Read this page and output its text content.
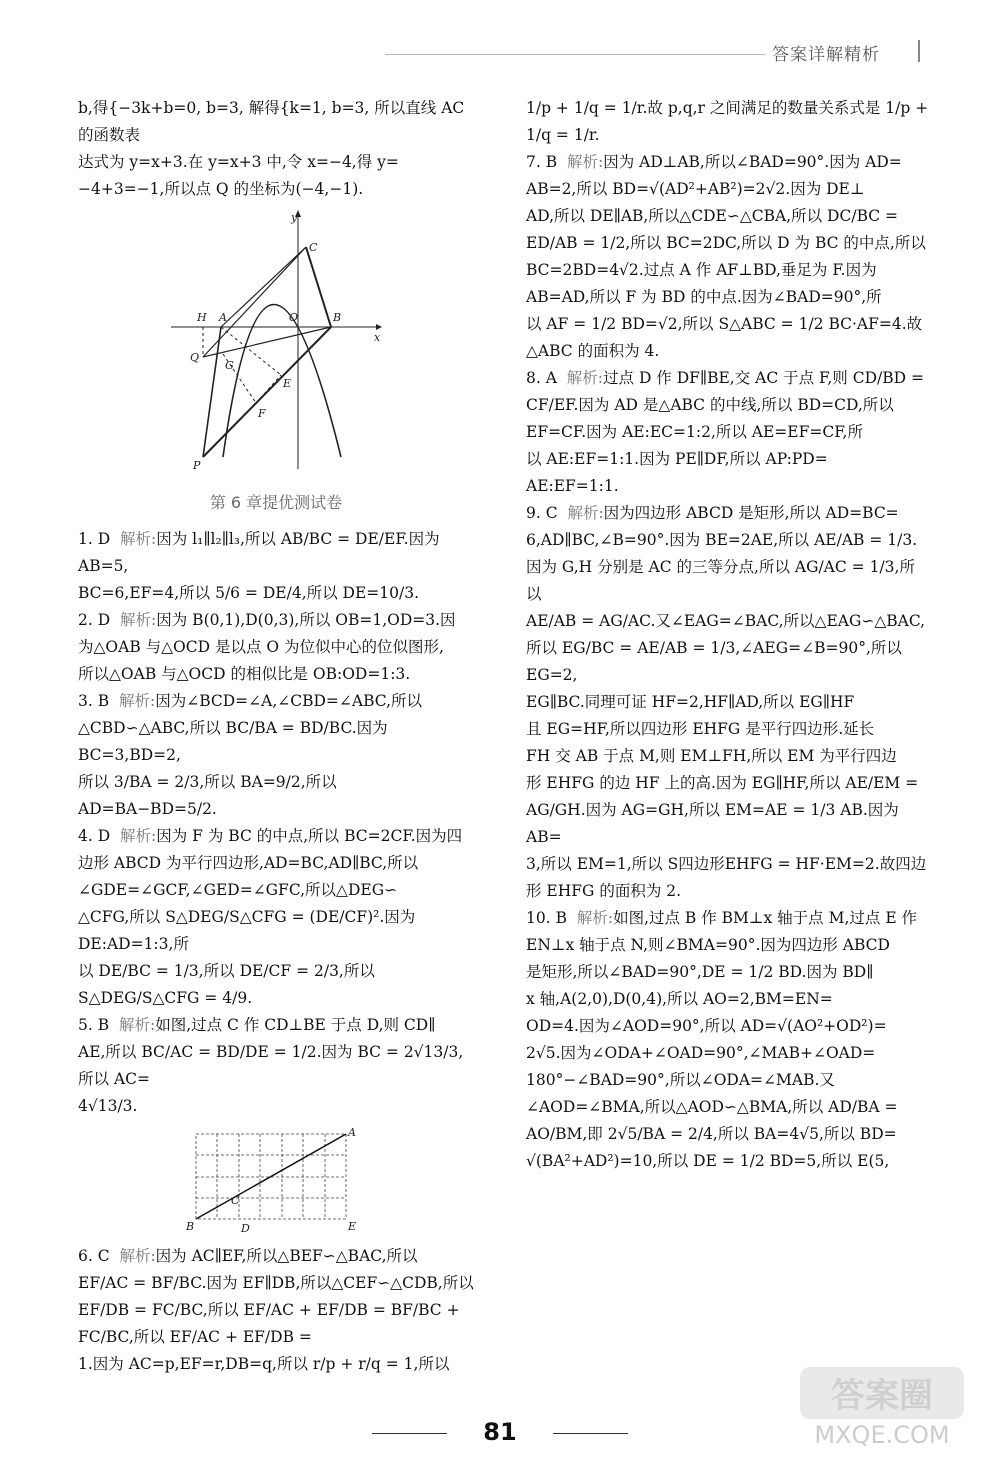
答案详解精析

b,得{−3k+b=0, b=3, 解得{k=1, b=3, 所以直线 AC 的函数表

达式为 y=x+3.在 y=x+3 中,令 x=−4,得 y=

−4+3=−1,所以点 Q 的坐标为(−4,−1).

y
x
C
H A	O	B
Q
G
E
F
P
第 6 章提优测试卷

1. D 解析:因为 l₁∥l₂∥l₃,所以 AB/BC = DE/EF.因为 AB=5,

BC=6,EF=4,所以 5/6 = DE/4,所以 DE=10/3.

2. D 解析:因为 B(0,1),D(0,3),所以 OB=1,OD=3.因

为△OAB 与△OCD 是以点 O 为位似中心的位似图形,

所以△OAB 与△OCD 的相似比是 OB:OD=1:3.

3. B 解析:因为∠BCD=∠A,∠CBD=∠ABC,所以

△CBD∽△ABC,所以 BC/BA = BD/BC.因为 BC=3,BD=2,

所以 3/BA = 2/3,所以 BA=9/2,所以 AD=BA−BD=5/2.

4. D 解析:因为 F 为 BC 的中点,所以 BC=2CF.因为四

边形 ABCD 为平行四边形,AD=BC,AD∥BC,所以

∠GDE=∠GCF,∠GED=∠GFC,所以△DEG∽

△CFG,所以 S△DEG/S△CFG = (DE/CF)².因为 DE:AD=1:3,所

以 DE/BC = 1/3,所以 DE/CF = 2/3,所以 S△DEG/S△CFG = 4/9.

5. B 解析:如图,过点 C 作 CD⊥BE 于点 D,则 CD∥

AE,所以 BC/AC = BD/DE = 1/2.因为 BC = 2√13/3,所以 AC=

4√13/3.

A
B
C
D	E

6. C 解析:因为 AC∥EF,所以△BEF∽△BAC,所以

EF/AC = BF/BC.因为 EF∥DB,所以△CEF∽△CDB,所以

EF/DB = FC/BC,所以 EF/AC + EF/DB = BF/BC + FC/BC,所以 EF/AC + EF/DB =

1.因为 AC=p,EF=r,DB=q,所以 r/p + r/q = 1,所以

1/p + 1/q = 1/r.故 p,q,r 之间满足的数量关系式是 1/p +

1/q = 1/r.

7. B 解析:因为 AD⊥AB,所以∠BAD=90°.因为 AD=

AB=2,所以 BD=√(AD²+AB²)=2√2.因为 DE⊥

AD,所以 DE∥AB,所以△CDE∽△CBA,所以 DC/BC =

ED/AB = 1/2,所以 BC=2DC,所以 D 为 BC 的中点,所以

BC=2BD=4√2.过点 A 作 AF⊥BD,垂足为 F.因为

AB=AD,所以 F 为 BD 的中点.因为∠BAD=90°,所

以 AF = 1/2 BD=√2,所以 S△ABC = 1/2 BC·AF=4.故

△ABC 的面积为 4.

8. A 解析:过点 D 作 DF∥BE,交 AC 于点 F,则 CD/BD =

CF/EF.因为 AD 是△ABC 的中线,所以 BD=CD,所以

EF=CF.因为 AE:EC=1:2,所以 AE=EF=CF,所

以 AE:EF=1:1.因为 PE∥DF,所以 AP:PD=

AE:EF=1:1.

9. C 解析:因为四边形 ABCD 是矩形,所以 AD=BC=

6,AD∥BC,∠B=90°.因为 BE=2AE,所以 AE/AB = 1/3.

因为 G,H 分别是 AC 的三等分点,所以 AG/AC = 1/3,所以

AE/AB = AG/AC.又∠EAG=∠BAC,所以△EAG∽△BAC,

所以 EG/BC = AE/AB = 1/3,∠AEG=∠B=90°,所以 EG=2,

EG∥BC.同理可证 HF=2,HF∥AD,所以 EG∥HF

且 EG=HF,所以四边形 EHFG 是平行四边形.延长

FH 交 AB 于点 M,则 EM⊥FH,所以 EM 为平行四边

形 EHFG 的边 HF 上的高.因为 EG∥HF,所以 AE/EM =

AG/GH.因为 AG=GH,所以 EM=AE = 1/3 AB.因为 AB=

3,所以 EM=1,所以 S四边形EHFG = HF·EM=2.故四边

形 EHFG 的面积为 2.

10. B 解析:如图,过点 B 作 BM⊥x 轴于点 M,过点 E 作

EN⊥x 轴于点 N,则∠BMA=90°.因为四边形 ABCD

是矩形,所以∠BAD=90°,DE = 1/2 BD.因为 BD∥

x 轴,A(2,0),D(0,4),所以 AO=2,BM=EN=

OD=4.因为∠AOD=90°,所以 AD=√(AO²+OD²)=

2√5.因为∠ODA+∠OAD=90°,∠MAB+∠OAD=

180°−∠BAD=90°,所以∠ODA=∠MAB.又

∠AOD=∠BMA,所以△AOD∽△BMA,所以 AD/BA =

AO/BM,即 2√5/BA = 2/4,所以 BA=4√5,所以 BD=

√(BA²+AD²)=10,所以 DE = 1/2 BD=5,所以 E(5,

81
答案圈
MXQE.COM
